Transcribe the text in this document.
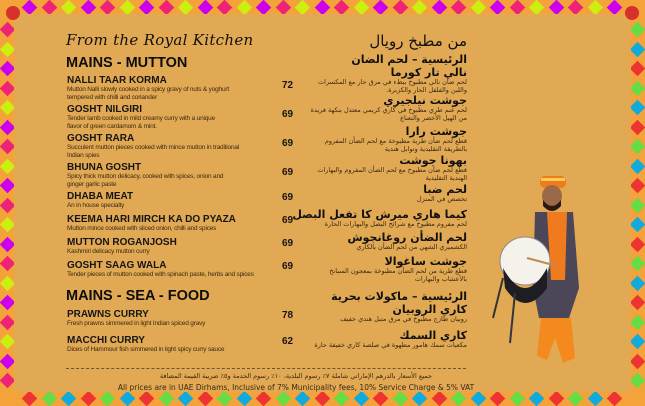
From the Royal Kitchen
MAINS - MUTTON
NALLI TAAR KORMA
Mutton Nalli slowly cooked in a spicy gravy of nuts & yoghurt
tempered with chilli and coriander
72
GOSHT NILGIRI
Tender lamb cooked in mild creamy curry with a unique
flavor of green cardamom & mint.
69
GOSHT RARA
Succulent mutton pieces cooked with mince mutton in traditional
Indian spies
69
BHUNA GOSHT
Spicy thick mutton delicacy, cooked with spices, onion and
ginger garlic paste
69
DHABA MEAT
An in house specialty
69
KEEMA HARI MIRCH KA DO PYAZA
Mutton mince cooked with sliced onion, chilli and spices
69
MUTTON ROGANJOSH
Kashmiri delicacy mutton curry
69
GOSHT SAAG WALA
Tender pieces of mutton cooked with spinach paste, herbs and spices
69
MAINS - SEA - FOOD
PRAWNS CURRY
Fresh prawns simmered in light Indian spiced gravy
78
MACCHI CURRY
Dices of Hammour fish simmered in light spicy curry sauce
62
من مطبخ رويال
الرئيسية – لحم الضان
نالي تار كورما
لحم ضأن نالي مطبوخ ببطء في مرق حار مع المكسرات
واللبن والفلفل الحار والكزبرة.
جوشت نيلجيري
لحم غنم طري مطبوخ في كاري كريمي معتدل بنكهة فريدة
من الهيل الأخضر والنعناع
جوشت رارا
قطع لحم ضأن طرية مطبوخة مع لحم الضأن المفروم
بالطريقة التقليدية وتوابل هندية
بهونا جوشت
قطع لحم ضأن مطبوخ مع لحم الضأن المفروم والبهارات
الهندية التقليدية
لحم ضبا
تخصص في المنزل
كيما هاري ميرش كا تفعل البصل
لحم مفروم مطبوخ مع شرائح البصل والبهارات الحارة
لحم الضأن روغانجوش
الكشميري الشهي من لحم الضأن بالكاري
جوشت ساغوالا
قطع طرية من لحم الضأن مطبوخة بمعجون السبانخ
بالأعشاب والبهارات
الرئيسية – ماكولات بحرية
كاري الروبيان
روبيان طازج مطبوخ في مرق متبل هندي خفيف
كاري السمك
مكعبات سمك هامور مطهوة في صلصة كاري خفيفة حارة
جميع الأسعار بالدرهم الإماراتي شاملة ٧٪ رسوم البلدية، ١٠٪ رسوم الخدمة و٥٪ ضريبة القيمة المضافة
All prices are in UAE Dirhams, Inclusive of 7% Municipality fees, 10% Service Charge & 5% VAT
